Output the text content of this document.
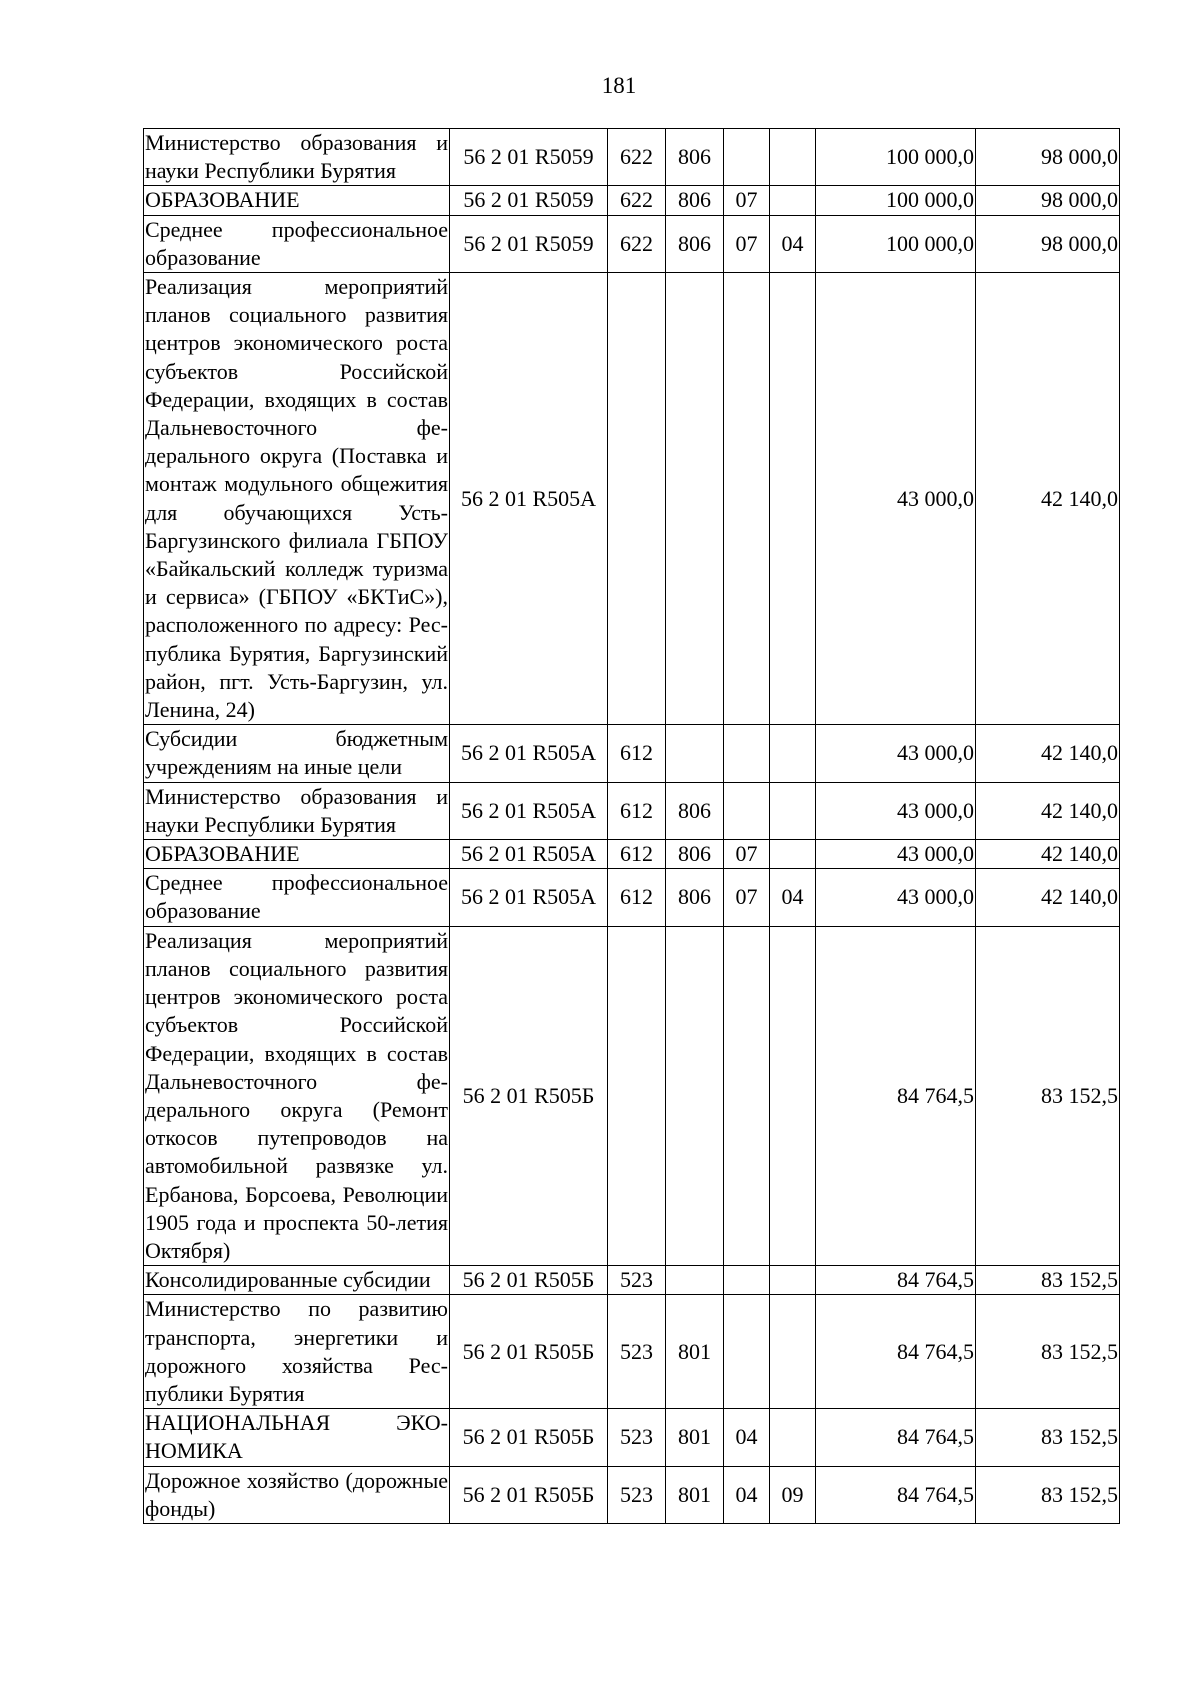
181
Министерство образования и науки Республики Бурятия	56 2 01 R5059	622	806			100 000,0	98 000,0
ОБРАЗОВАНИЕ	56 2 01 R5059	622	806	07		100 000,0	98 000,0
Среднее профессиональное образование	56 2 01 R5059	622	806	07	04	100 000,0	98 000,0
Реализация мероприятий планов социального развития центров экономического роста субъектов Российской Федерации, входящих в состав Дальневосточного федерального округа (Поставка и монтаж модульного общежития для обучающихся Усть-Баргузинского филиала ГБПОУ «Байкальский колледж туризма и сервиса» (ГБПОУ «БКТиС»), расположенного по адресу: Республика Бурятия, Баргузинский район, пгт. Усть-Баргузин, ул. Ленина, 24)	56 2 01 R505А					43 000,0	42 140,0
Субсидии бюджетным учреждениям на иные цели	56 2 01 R505А	612				43 000,0	42 140,0
Министерство образования и науки Республики Бурятия	56 2 01 R505А	612	806			43 000,0	42 140,0
ОБРАЗОВАНИЕ	56 2 01 R505А	612	806	07		43 000,0	42 140,0
Среднее профессиональное образование	56 2 01 R505А	612	806	07	04	43 000,0	42 140,0
Реализация мероприятий планов социального развития центров экономического роста субъектов Российской Федерации, входящих в состав Дальневосточного федерального округа (Ремонт откосов путепроводов на автомобильной развязке ул. Ербанова, Борсоева, Революции 1905 года и проспекта 50-летия Октября)	56 2 01 R505Б					84 764,5	83 152,5
Консолидированные субсидии	56 2 01 R505Б	523				84 764,5	83 152,5
Министерство по развитию транспорта, энергетики и дорожного хозяйства Республики Бурятия	56 2 01 R505Б	523	801			84 764,5	83 152,5
НАЦИОНАЛЬНАЯ ЭКОНОМИКА	56 2 01 R505Б	523	801	04		84 764,5	83 152,5
Дорожное хозяйство (дорожные фонды)	56 2 01 R505Б	523	801	04	09	84 764,5	83 152,5
